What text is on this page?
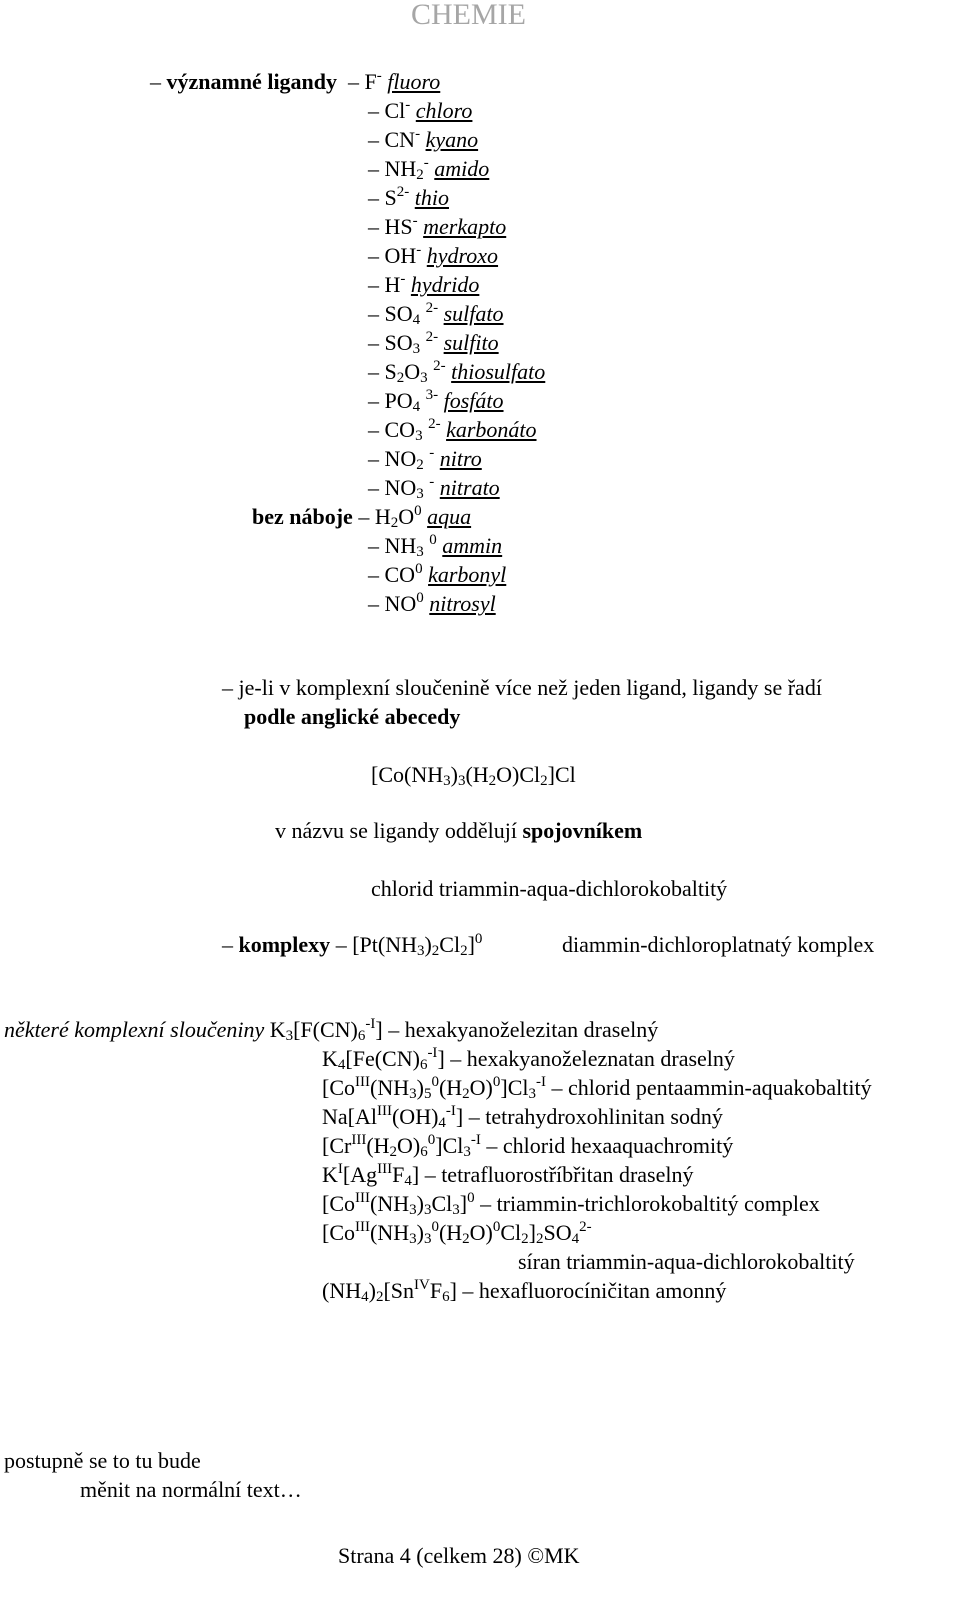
CHEMIE
– významné ligandy  – F- fluoro
– Cl- chloro
– CN- kyano
– $NH_2^-$ amido
– $S^{2-}$ thio
– HS- merkapto
– OH- hydroxo
– H- hydrido
– $SO_4$ $^{2-}$ sulfato
– $SO_3$ $^{2-}$ sulfito
– $S_2O_3$ $^{2-}$ thiosulfato
– $PO_4$ $^{3-}$ fosfáto
– $CO_3$ $^{2-}$ karbonáto
– $NO_2$ - nitro
– $NO_3$ - nitrato
bez náboje – $H_2O^0$ aqua
– $NH_3$ $^0$ ammin
– $CO^0$ karbonyl
– $NO^0$ nitrosyl
– je-li v komplexní sloučenině více než jeden ligand, ligandy se řadí
podle anglické abecedy
$[Co(NH_3)_3(H_2O)Cl_2]Cl$
v názvu se ligandy oddělují spojovníkem
chlorid triammin-aqua-dichlorokobaltitý
– komplexy – $[Pt(NH_3)_2Cl_2]^0$	diammin-dichloroplatnatý komplex
některé komplexní sloučeniny $K_3[F(CN)_6^{-I}]$ – hexakyanoželezitan draselný
$K_4[Fe(CN)_6^{-I}]$ – hexakyanoželeznatan draselný
$[Co^{III}(NH_3)_5^0(H_2O)^0]Cl_3^{-I}$ – chlorid pentaammin-aquakobaltitý
$Na[Al^{III}(OH)_4^{-I}]$ – tetrahydroxohlinitan sodný
$[Cr^{III}(H_2O)_6^0]Cl_3^{-I}$ – chlorid hexaaquachromitý
$K^I[Ag^{III}F_4]$ – tetrafluorostříbřitan draselný
$[Co^{III}(NH_3)_3Cl_3]^0$ – triammin-trichlorokobaltitý complex
$[Co^{III}(NH_3)_3^0(H_2O)^0Cl_2]_2SO_4^{2-}$
síran triammin-aqua-dichlorokobaltitý
$(NH_4)_2[Sn^{IV}F_6]$ – hexafluorocíničitan amonný
postupně se to tu bude
měnit na normální text…
Strana 4 (celkem 28) ©MK
